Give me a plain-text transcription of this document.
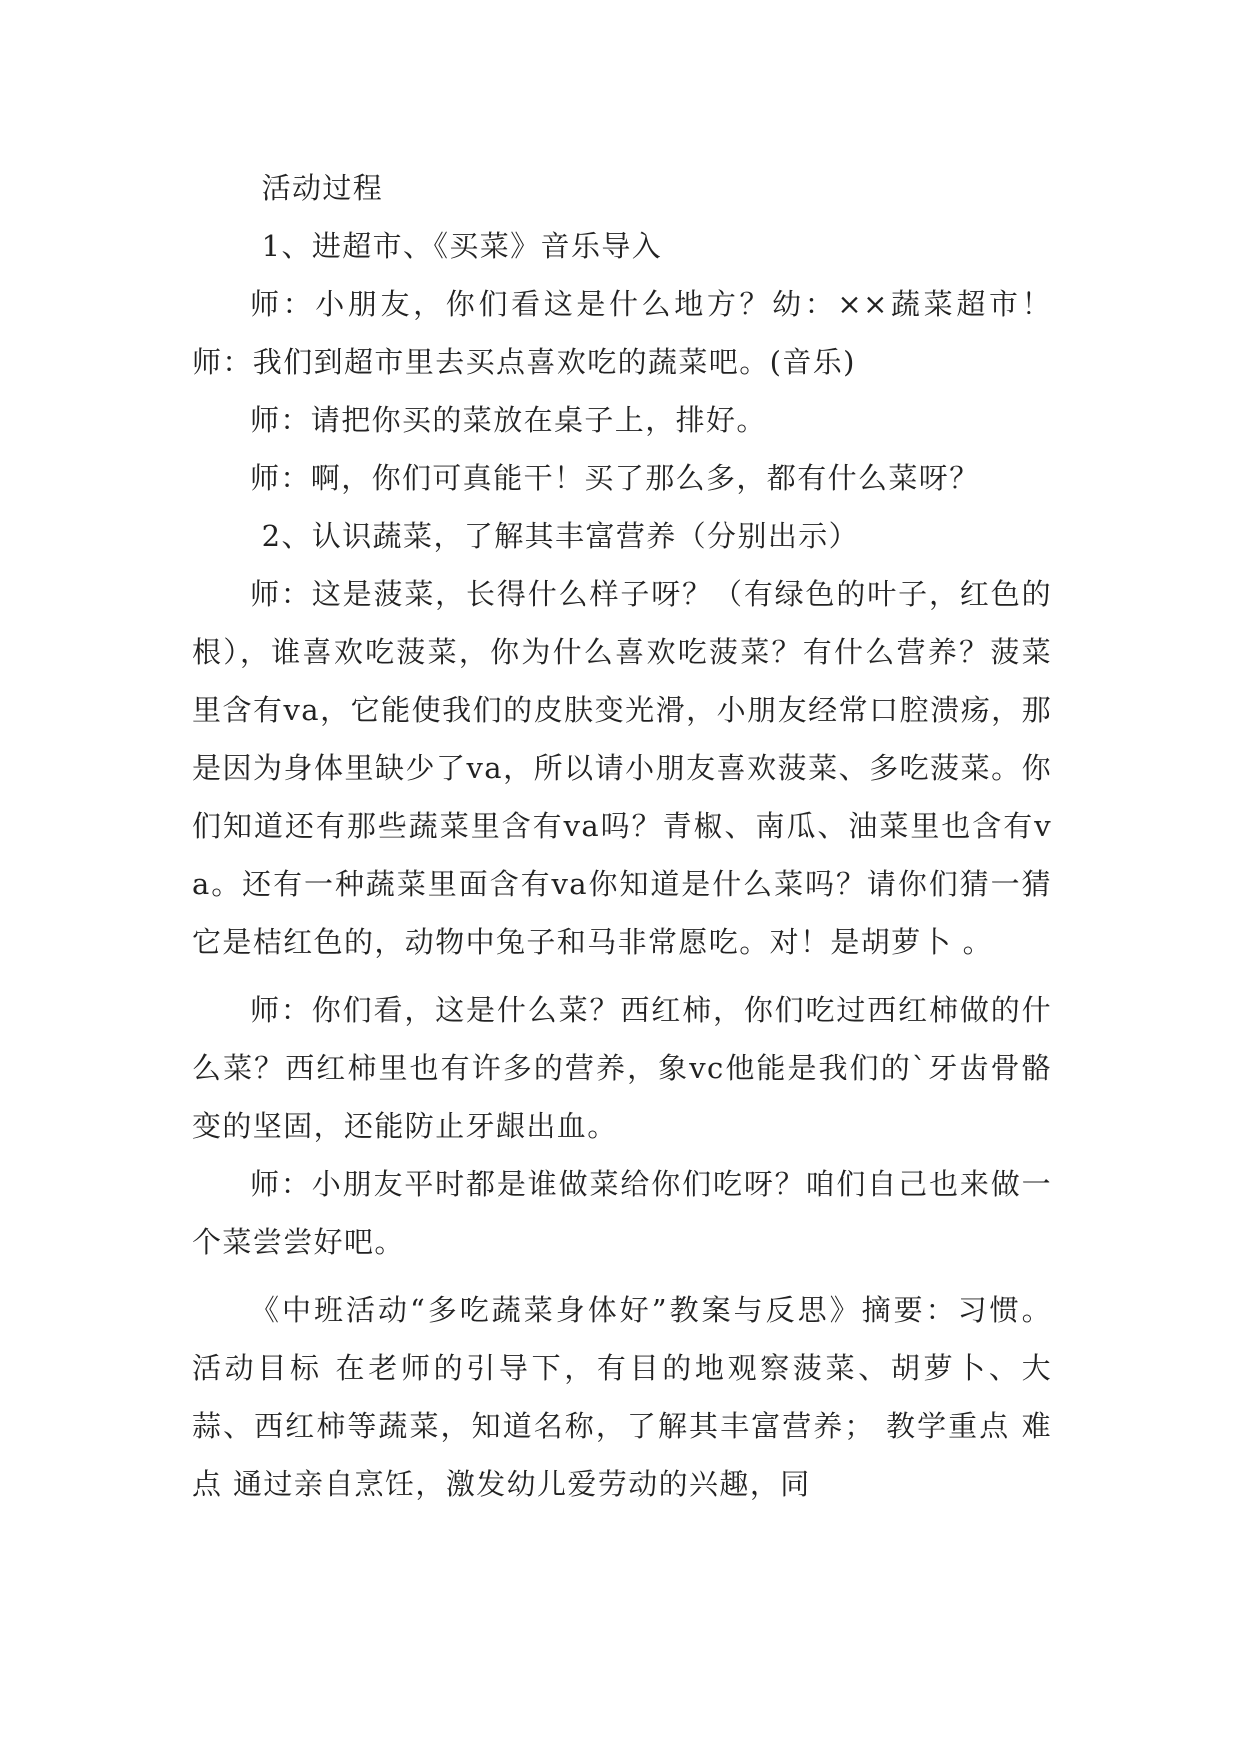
活动过程

1、进超市、《买菜》音乐导入

师：小朋友，你们看这是什么地方？幼：××蔬菜超市！师：我们到超市里去买点喜欢吃的蔬菜吧。(音乐)

师：请把你买的菜放在桌子上，排好。

师：啊，你们可真能干！买了那么多，都有什么菜呀？

2、认识蔬菜，了解其丰富营养（分别出示）

师：这是菠菜，长得什么样子呀？（有绿色的叶子，红色的根），谁喜欢吃菠菜，你为什么喜欢吃菠菜？有什么营养？菠菜里含有va，它能使我们的皮肤变光滑，小朋友经常口腔溃疡，那是因为身体里缺少了va，所以请小朋友喜欢菠菜、多吃菠菜。你们知道还有那些蔬菜里含有va吗？青椒、南瓜、油菜里也含有va。还有一种蔬菜里面含有va你知道是什么菜吗？请你们猜一猜它是桔红色的，动物中兔子和马非常愿吃。对！是胡萝卜 。

师：你们看，这是什么菜？西红柿，你们吃过西红柿做的什么菜？西红柿里也有许多的营养，象vc他能是我们的`牙齿骨骼变的坚固，还能防止牙龈出血。

师：小朋友平时都是谁做菜给你们吃呀？咱们自己也来做一个菜尝尝好吧。

《中班活动“多吃蔬菜身体好”教案与反思》摘要：习惯。 活动目标 在老师的引导下，有目的地观察菠菜、胡萝卜、大蒜、西红柿等蔬菜，知道名称，了解其丰富营养； 教学重点 难点 通过亲自烹饪，激发幼儿爱劳动的兴趣，同
